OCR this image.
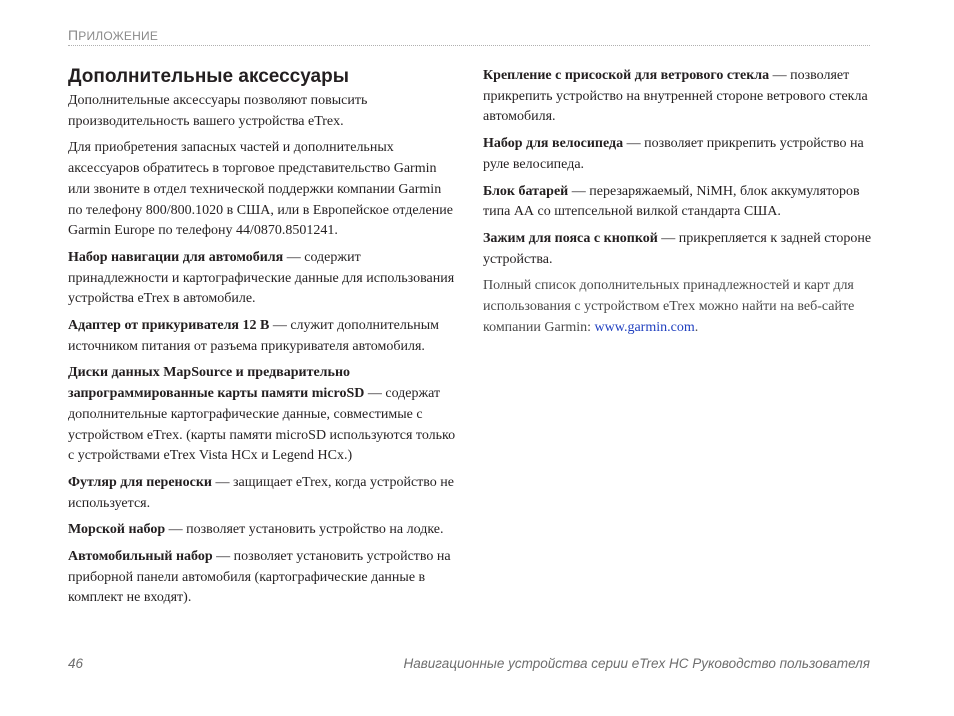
ПРИЛОЖЕНИЕ
Дополнительные аксессуары

Дополнительные аксессуары позволяют повысить производительность вашего устройства eTrex.

Для приобретения запасных частей и дополнительных аксессуаров обратитесь в торговое представительство Garmin или звоните в отдел технической поддержки компании Garmin по телефону 800/800.1020 в США, или в Европейское отделение Garmin Europe по телефону 44/0870.8501241.

Набор навигации для автомобиля — содержит принадлежности и картографические данные для использования устройства eTrex в автомобиле.

Адаптер от прикуривателя 12 В — служит дополнительным источником питания от разъема прикуривателя автомобиля.

Диски данных MapSource и предварительно запрограммированные карты памяти microSD — содержат дополнительные картографические данные, совместимые с устройством eTrex. (карты памяти microSD используются только с устройствами eTrex Vista HCx и Legend HCx.)

Футляр для переноски — защищает eTrex, когда устройство не используется.

Морской набор — позволяет установить устройство на лодке.

Автомобильный набор — позволяет установить устройство на приборной панели автомобиля (картографические данные в комплект не входят).

Крепление с присоской для ветрового стекла — позволяет прикрепить устройство на внутренней стороне ветрового стекла автомобиля.

Набор для велосипеда — позволяет прикрепить устройство на руле велосипеда.

Блок батарей — перезаряжаемый, NiMH, блок аккумуляторов типа АА со штепсельной вилкой стандарта США.

Зажим для пояса с кнопкой — прикрепляется к задней стороне устройства.

Полный список дополнительных принадлежностей и карт для использования с устройством eTrex можно найти на веб-сайте компании Garmin: www.garmin.com.

46	Навигационные устройства серии eTrex HC Руководство пользователя
